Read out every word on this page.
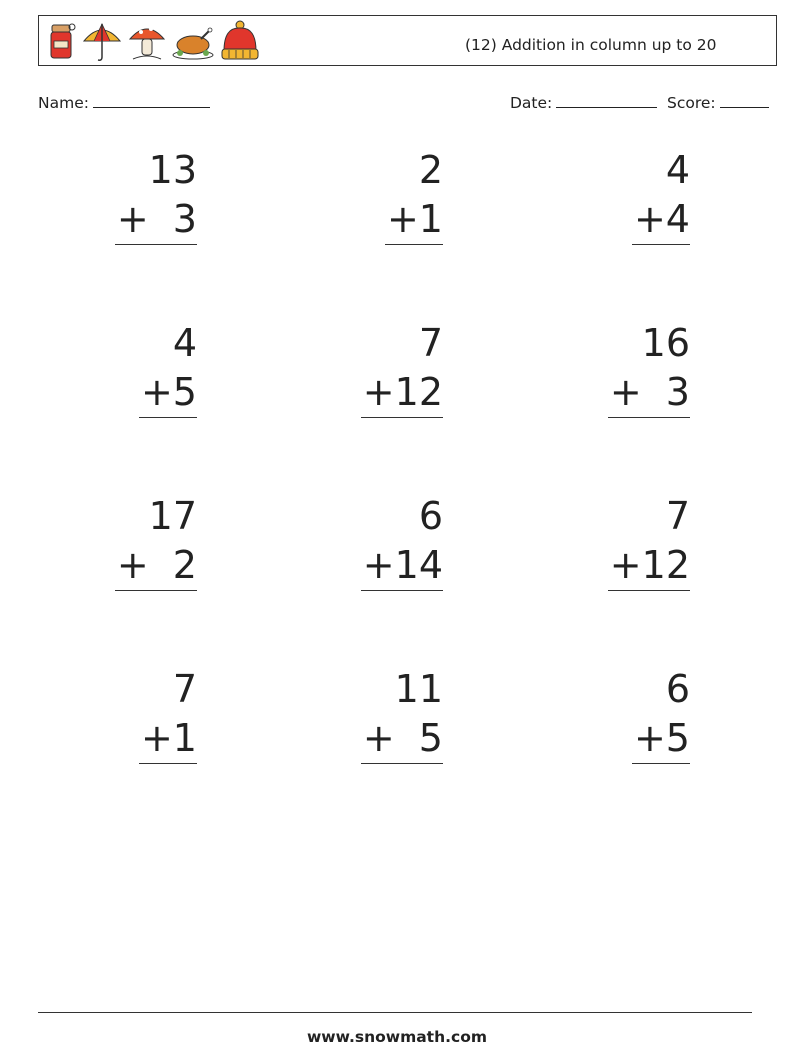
(12) Addition in column up to 20
Name:	Date:	Score:
13
+  3
2
+1
4
+4
4
+5
7
+12
16
+  3
17
+  2
6
+14
7
+12
7
+1
11
+  5
6
+5
www.snowmath.com
